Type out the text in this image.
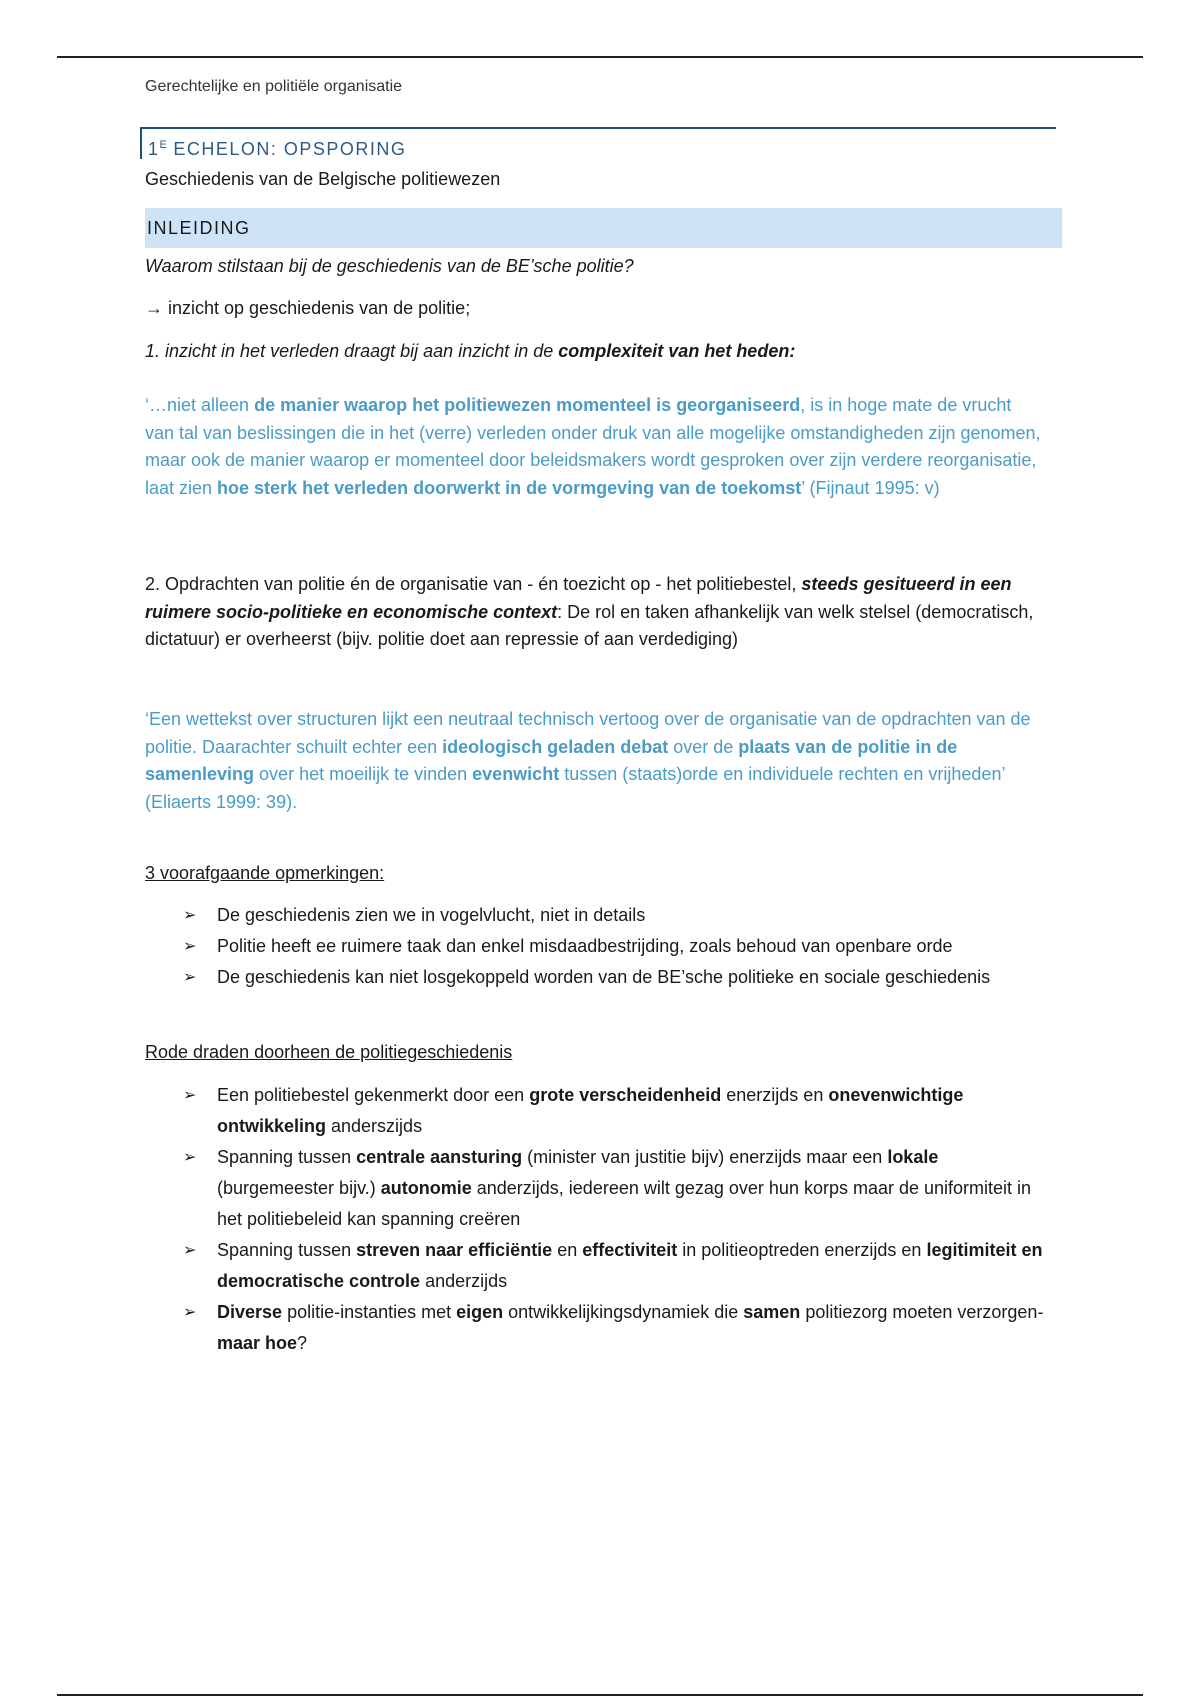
Gerechtelijke en politiële organisatie
$1^E$ ECHELON: OPSPORING
Geschiedenis van de Belgische politiewezen
INLEIDING
Waarom stilstaan bij de geschiedenis van de BE’sche politie?
→ inzicht op geschiedenis van de politie;
1. inzicht in het verleden draagt bij aan inzicht in de complexiteit van het heden:
‘…niet alleen de manier waarop het politiewezen momenteel is georganiseerd, is in hoge mate de vrucht van tal van beslissingen die in het (verre) verleden onder druk van alle mogelijke omstandigheden zijn genomen, maar ook de manier waarop er momenteel door beleidsmakers wordt gesproken over zijn verdere reorganisatie, laat zien hoe sterk het verleden doorwerkt in de vormgeving van de toekomst’ (Fijnaut 1995: v)
2. Opdrachten van politie én de organisatie van - én toezicht op - het politiebestel, steeds gesitueerd in een ruimere socio-politieke en economische context: De rol en taken afhankelijk van welk stelsel (democratisch, dictatuur) er overheerst (bijv. politie doet aan repressie of aan verdediging)
‘Een wettekst over structuren lijkt een neutraal technisch vertoog over de organisatie van de opdrachten van de politie. Daarachter schuilt echter een ideologisch geladen debat over de plaats van de politie in de samenleving over het moeilijk te vinden evenwicht tussen (staats)orde en individuele rechten en vrijheden’ (Eliaerts 1999: 39).
3 voorafgaande opmerkingen:
➢ De geschiedenis zien we in vogelvlucht, niet in details
➢ Politie heeft ee ruimere taak dan enkel misdaadbestrijding, zoals behoud van openbare orde
➢ De geschiedenis kan niet losgekoppeld worden van de BE’sche politieke en sociale geschiedenis
Rode draden doorheen de politiegeschiedenis
➢ Een politiebestel gekenmerkt door een grote verscheidenheid enerzijds en onevenwichtige ontwikkeling anderszijds
➢ Spanning tussen centrale aansturing (minister van justitie bijv) enerzijds maar een lokale (burgemeester bijv.) autonomie anderzijds, iedereen wilt gezag over hun korps maar de uniformiteit in het politiebeleid kan spanning creëren
➢ Spanning tussen streven naar efficiëntie en effectiviteit in politieoptreden enerzijds en legitimiteit en democratische controle anderzijds
➢ Diverse politie-instanties met eigen ontwikkelijkingsdynamiek die samen politiezorg moeten verzorgen- maar hoe?
